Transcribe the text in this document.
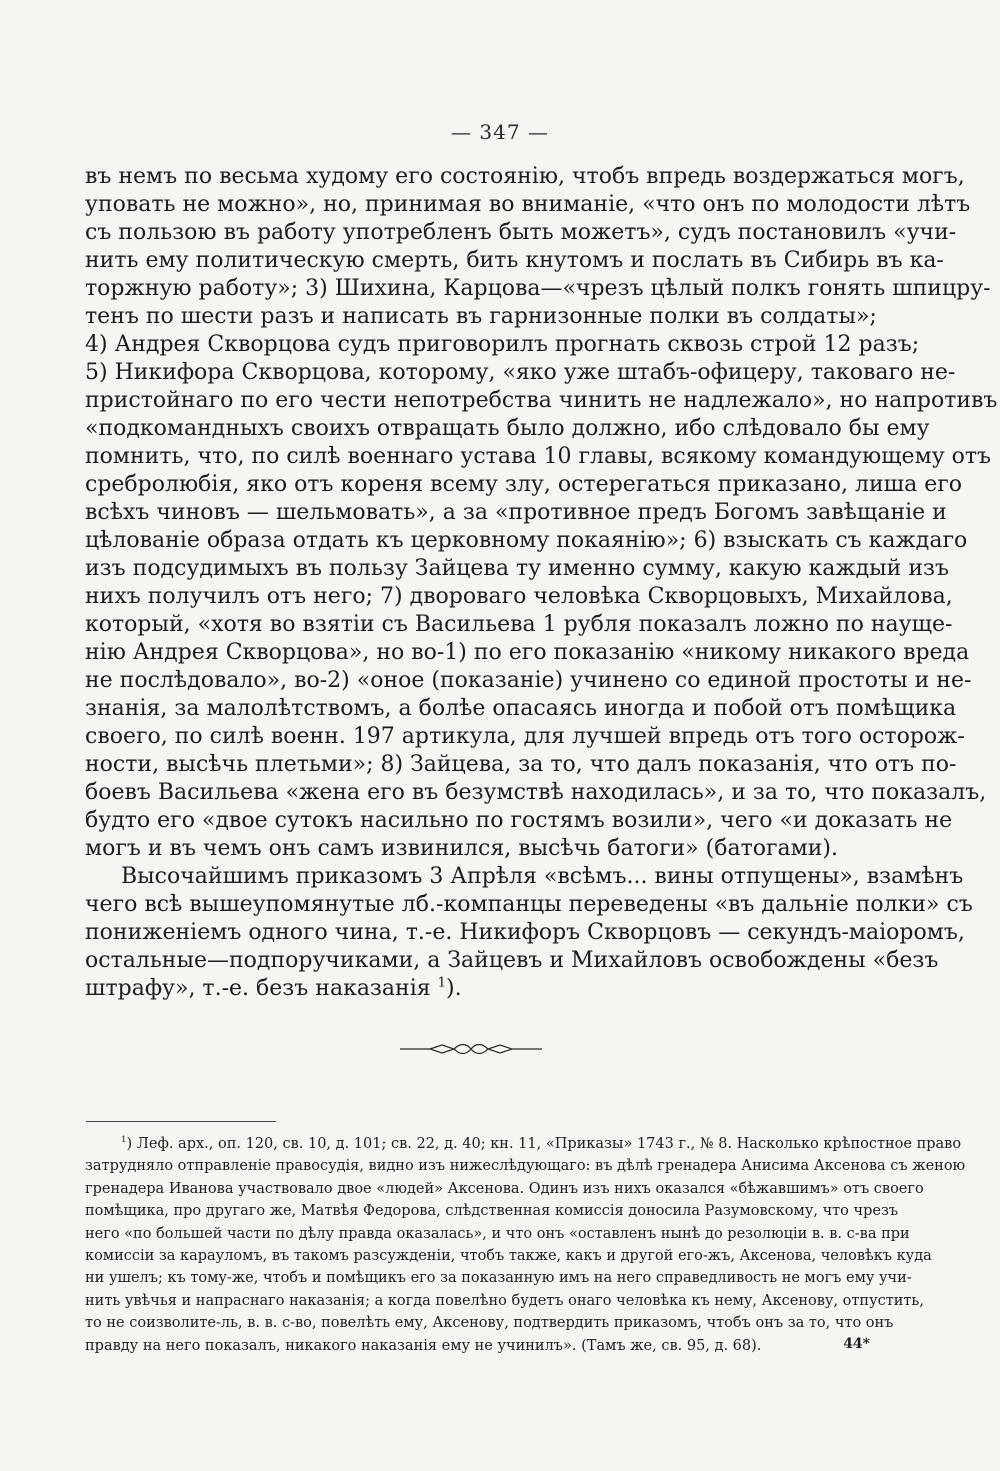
— 347 —
въ немъ по весьма худому его состоянію, чтобъ впредь воздержаться могъ,
уповать не можно», но, принимая во вниманіе, «что онъ по молодости лѣтъ
съ пользою въ работу употребленъ быть можетъ», судъ постановилъ «учи-
нить ему политическую смерть, бить кнутомъ и послать въ Сибирь въ ка-
торжную работу»; 3) Шихина, Карцова—«чрезъ цѣлый полкъ гонять шпицру-
тенъ по шести разъ и написать въ гарнизонные полки въ солдаты»;
4) Андрея Скворцова судъ приговорилъ прогнать сквозь строй 12 разъ;
5) Никифора Скворцова, которому, «яко уже штабъ-офицеру, таковаго не-
пристойнаго по его чести непотребства чинить не надлежало», но напротивъ
«подкомандныхъ своихъ отвращать было должно, ибо слѣдовало бы ему
помнить, что, по силѣ военнаго устава 10 главы, всякому командующему отъ
сребролюбія, яко отъ кореня всему злу, остерегаться приказано, лиша его
всѣхъ чиновъ — шельмовать», а за «противное предъ Богомъ завѣщаніе и
цѣлованіе образа отдать къ церковному покаянію»; 6) взыскать съ каждаго
изъ подсудимыхъ въ пользу Зайцева ту именно сумму, какую каждый изъ
нихъ получилъ отъ него; 7) двороваго человѣка Скворцовыхъ, Михайлова,
который, «хотя во взятіи съ Васильева 1 рубля показалъ ложно по наущe-
нію Андрея Скворцова», но во-1) по его показанію «никому никакого вреда
не послѣдовало», во-2) «оное (показаніе) учинено со единой простоты и не-
знанія, за малолѣтствомъ, а болѣе опасаясь иногда и побой отъ помѣщика
своего, по силѣ военн. 197 артикула, для лучшей впредь отъ того осторож-
ности, высѣчь плетьми»; 8) Зайцева, за то, что далъ показанія, что отъ по-
боевъ Васильева «жена его въ безумствѣ находилась», и за то, что показалъ,
будто его «двое сутокъ насильно по гостямъ возили», чего «и доказать не
могъ и въ чемъ онъ самъ извинился, высѣчь батоги» (батогами).
Высочайшимъ приказомъ 3 Апрѣля «всѣмъ... вины отпущены», взамѣнъ
чего всѣ вышеупомянутые лб.-компанцы переведены «въ дальніе полки» съ
пониженіемъ одного чина, т.-е. Никифоръ Скворцовъ — секундъ-маіоромъ,
остальные—подпоручиками, а Зайцевъ и Михайловъ освобождены «безъ
штрафу», т.-е. безъ наказанія $^1$).
$^1$) Леф. арх., оп. 120, св. 10, д. 101; св. 22, д. 40; кн. 11, «Приказы» 1743 г., № 8. Насколько крѣпостное право
затрудняло отправленіе правосудія, видно изъ нижеслѣдующаго: въ дѣлѣ гренадера Анисима Аксенова съ женою
гренадера Иванова участвовало двое «людей» Аксенова. Одинъ изъ нихъ оказался «бѣжавшимъ» отъ своего
помѣщика, про другаго же, Матвѣя Федорова, слѣдственная комиссія доносила Разумовскому, что чрезъ
него «по большей части по дѣлу правда оказалась», и что онъ «оставленъ нынѣ до резолюціи в. в. с-ва при
комиссіи за карауломъ, въ такомъ разсужденіи, чтобъ также, какъ и другой его-жъ, Аксенова, человѣкъ куда
ни ушелъ; къ тому-же, чтобъ и помѣщикъ его за показанную имъ на него справедливость не могъ ему учи-
нить увѣчья и напраснаго наказанія; а когда повелѣно будетъ онаго человѣка къ нему, Аксенову, отпустить,
то не соизволите-ль, в. в. с-во, повелѣть ему, Аксенову, подтвердить приказомъ, чтобъ онъ за то, что онъ
правду на него показалъ, никакого наказанія ему не учинилъ». (Тамъ же, св. 95, д. 68).	44*
